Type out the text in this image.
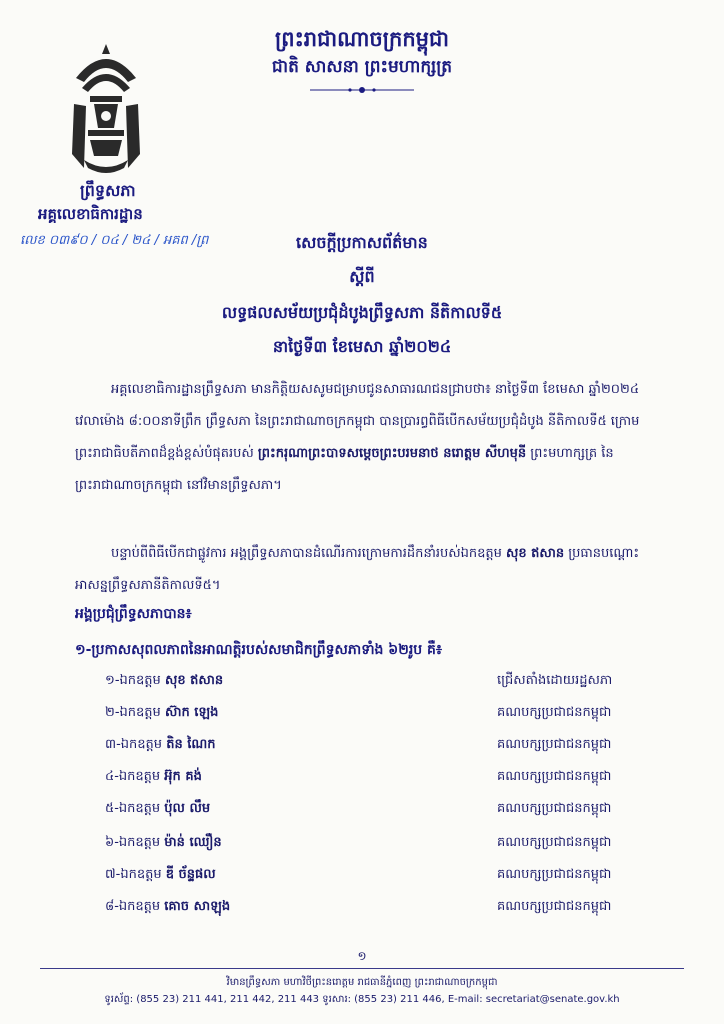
ព្រះរាជាណាចក្រកម្ពុជា
ជាតិ សាសនា ព្រះមហាក្សត្រ
ព្រឹទ្ធសភា
អគ្គលេខាធិការដ្ឋាន
លេខ ០៣៩០ / ០៤ / ២៤ / អគព /ព្រ	សេចក្តីប្រកាសព័ត៌មាន
ស្តីពី
លទ្ធផលសម័យប្រជុំដំបូងព្រឹទ្ធសភា នីតិកាលទី៥
នាថ្ងៃទី៣ ខែមេសា ឆ្នាំ២០២៤
អគ្គលេខាធិការដ្ឋានព្រឹទ្ធសភា មានកិត្តិយសសូមជម្រាបជូនសាធារណជនជ្រាបថា៖ នាថ្ងៃទី៣ ខែមេសា ឆ្នាំ២០២៤ វេលាម៉ោង ៨:០០នាទីព្រឹក ព្រឹទ្ធសភា នៃព្រះរាជាណាចក្រកម្ពុជា បានប្រារព្ធពិធីបើកសម័យប្រជុំដំបូង នីតិកាលទី៥ ក្រោមព្រះរាជាធិបតីភាពដ៏ខ្ពង់ខ្ពស់បំផុតរបស់ ព្រះករុណាព្រះបាទសម្តេចព្រះបរមនាថ នរោត្តម សីហមុនី ព្រះមហាក្សត្រ នៃព្រះរាជាណាចក្រកម្ពុជា នៅវិមានព្រឹទ្ធសភា។
បន្ទាប់ពីពិធីបើកជាផ្លូវការ អង្គព្រឹទ្ធសភាបានដំណើរការក្រោមការដឹកនាំរបស់ឯកឧត្តម សុខ ឥសាន ប្រធានបណ្តោះអាសន្នព្រឹទ្ធសភានីតិកាលទី៥។
អង្គប្រជុំព្រឹទ្ធសភាបាន៖
១-ប្រកាសសុពលភាពនៃអាណត្តិរបស់សមាជិកព្រឹទ្ធសភាទាំង ៦២រូប គឺ៖
១-ឯកឧត្តម សុខ ឥសាន	ជ្រើសតាំងដោយរដ្ឋសភា
២-ឯកឧត្តម ស៊ាក ឡេង	គណបក្សប្រជាជនកម្ពុជា
៣-ឯកឧត្តម តិន ណៃក	គណបក្សប្រជាជនកម្ពុជា
៤-ឯកឧត្តម អ៊ុក គង់	គណបក្សប្រជាជនកម្ពុជា
៥-ឯកឧត្តម ប៉ុល លឹម	គណបក្សប្រជាជនកម្ពុជា
៦-ឯកឧត្តម ម៉ាន់ ឈឿន	គណបក្សប្រជាជនកម្ពុជា
៧-ឯកឧត្តម ឌី ច័ន្ទផល	គណបក្សប្រជាជនកម្ពុជា
៨-ឯកឧត្តម គោច សាឡុង	គណបក្សប្រជាជនកម្ពុជា
១
វិមានព្រឹទ្ធសភា មហាវិថីព្រះនរោត្តម រាជធានីភ្នំពេញ ព្រះរាជាណាចក្រកម្ពុជា
ទូរស័ព្ទ: (855 23) 211 441, 211 442, 211 443 ទូរសារ: (855 23) 211 446, E-mail: secretariat@senate.gov.kh
